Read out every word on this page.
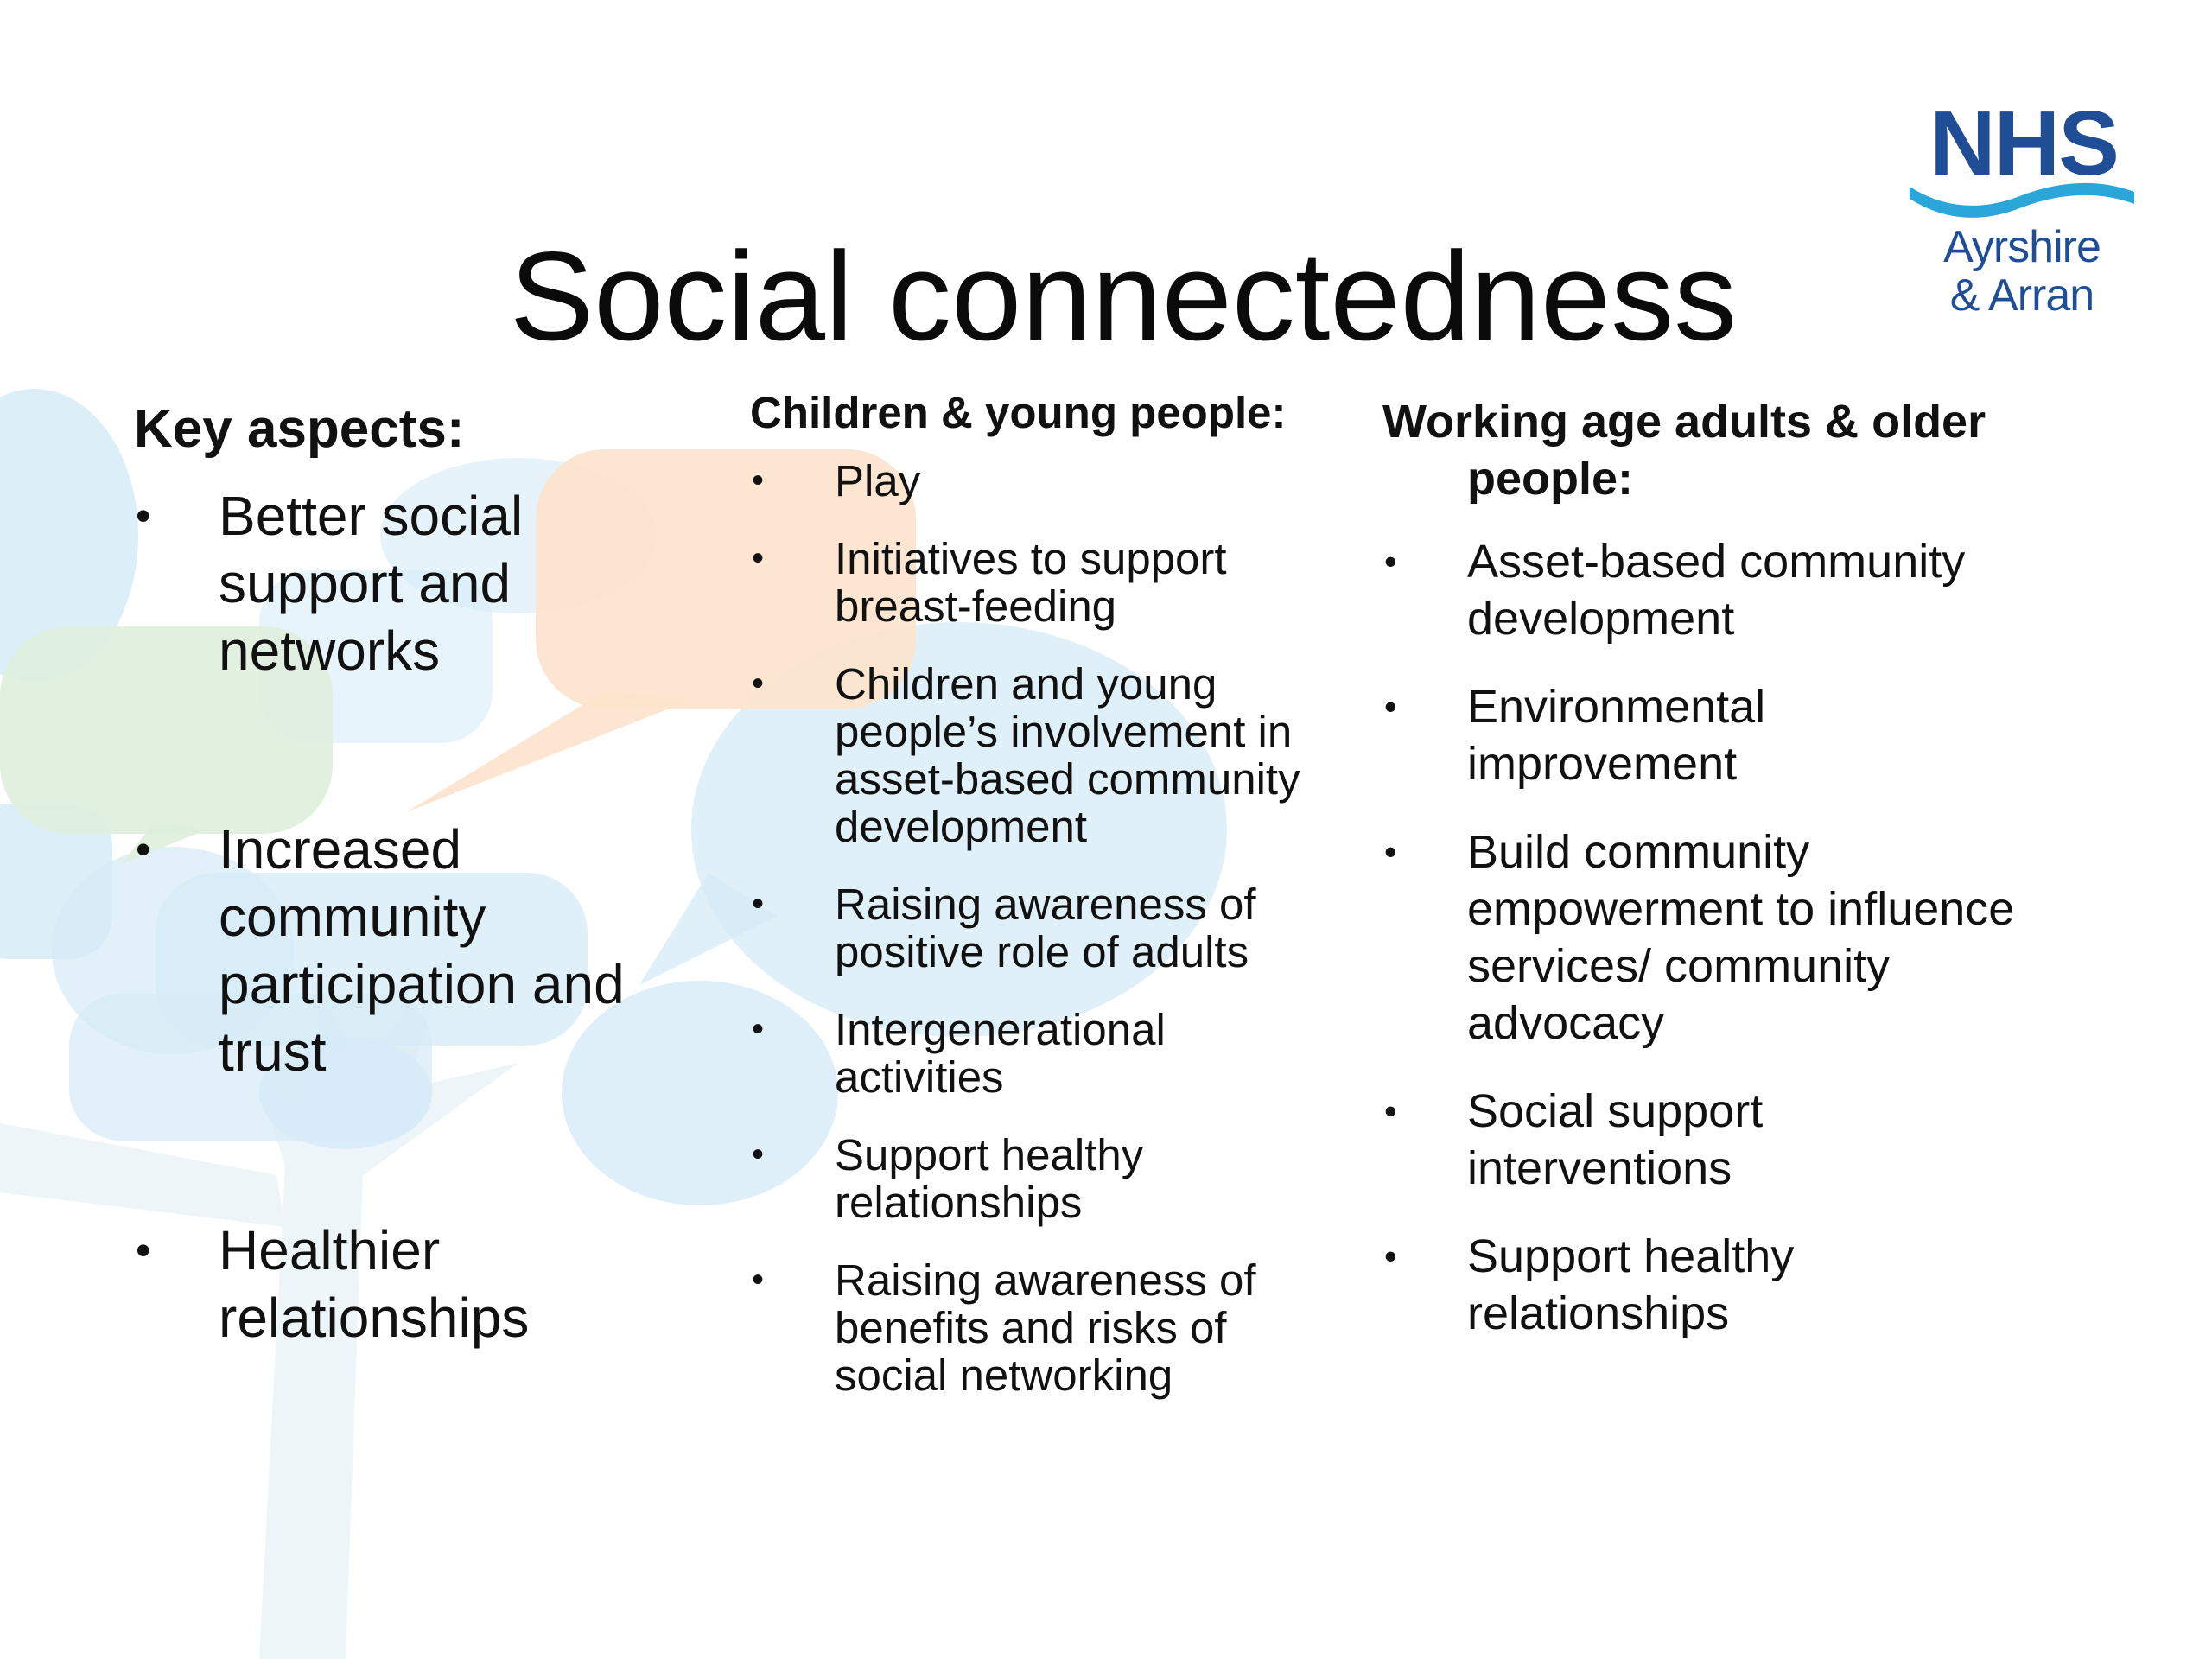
Social connectedness
NHS
Ayrshire
& Arran

Key aspects:

• Better social support and networks
• Increased community participation and trust
• Healthier relationships

Children & young people:

• Play
• Initiatives to support breast-feeding
• Children and young people’s involvement in asset-based community development
• Raising awareness of positive role of adults
• Intergenerational activities
• Support healthy relationships
• Raising awareness of benefits and risks of social networking

Working age adults & older people:

• Asset-based community development
• Environmental improvement
• Build community empowerment to influence services/ community advocacy
• Social support interventions
• Support healthy relationships
